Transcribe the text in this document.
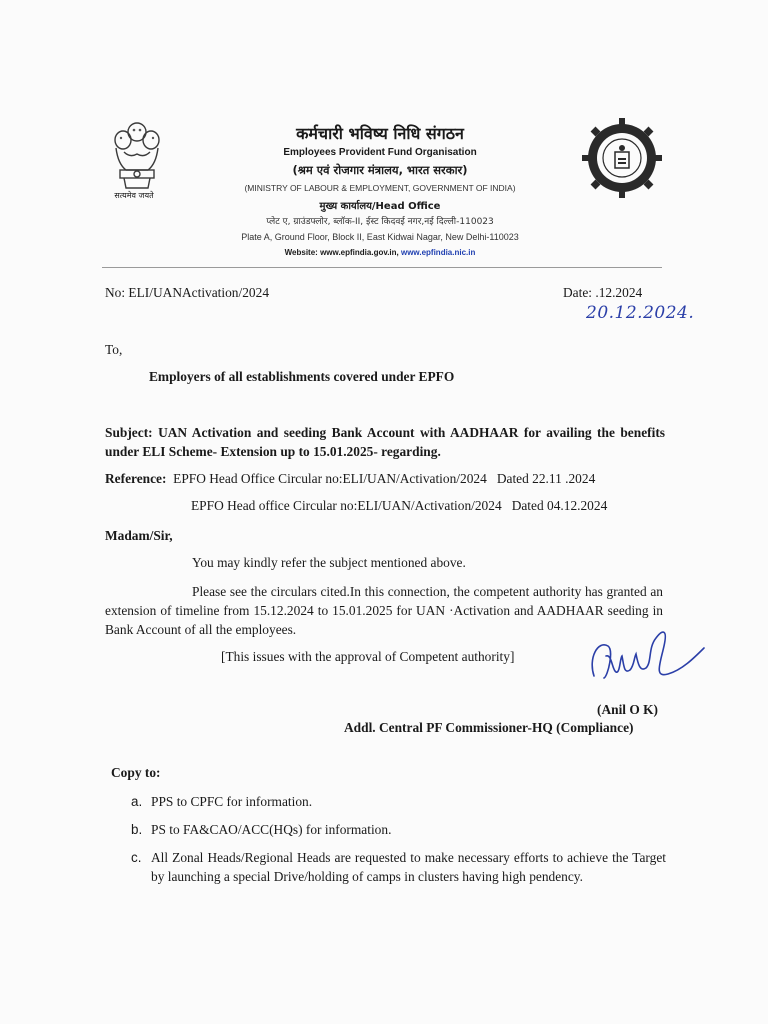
सत्यमेव जयते
कर्मचारी भविष्य निधि संगठन
Employees Provident Fund Organisation
(श्रम एवं रोजगार मंत्रालय, भारत सरकार)
(MINISTRY OF LABOUR & EMPLOYMENT, GOVERNMENT OF INDIA)
मुख्य कार्यालय/Head Office
प्लेट ए, ग्राउंडफ्लोर, ब्लॉक-II, ईस्ट किदवई नगर,नई दिल्ली-110023
Plate A, Ground Floor, Block II, East Kidwai Nagar, New Delhi-110023
Website: www.epfindia.gov.in, www.epfindia.nic.in
No: ELI/UANActivation/2024	Date: .12.2024
20.12.2024.
To,
Employers of all establishments covered under EPFO
Subject: UAN Activation and seeding Bank Account with AADHAAR for availing the benefits under ELI Scheme- Extension up to 15.01.2025- regarding.
Reference: EPFO Head Office Circular no:ELI/UAN/Activation/2024   Dated 22.11 .2024
EPFO Head office Circular no:ELI/UAN/Activation/2024   Dated 04.12.2024
Madam/Sir,
You may kindly refer the subject mentioned above.
Please see the circulars cited.In this connection, the competent authority has granted an extension of timeline from 15.12.2024 to 15.01.2025 for UAN ·Activation and AADHAAR seeding in Bank Account of all the employees.
[This issues with the approval of Competent authority]
(Anil O K)
Addl. Central PF Commissioner-HQ (Compliance)
Copy to:
a. PPS to CPFC for information.
b. PS to FA&CAO/ACC(HQs) for information.
c. All Zonal Heads/Regional Heads are requested to make necessary efforts to achieve the Target by launching a special Drive/holding of camps in clusters having high pendency.
